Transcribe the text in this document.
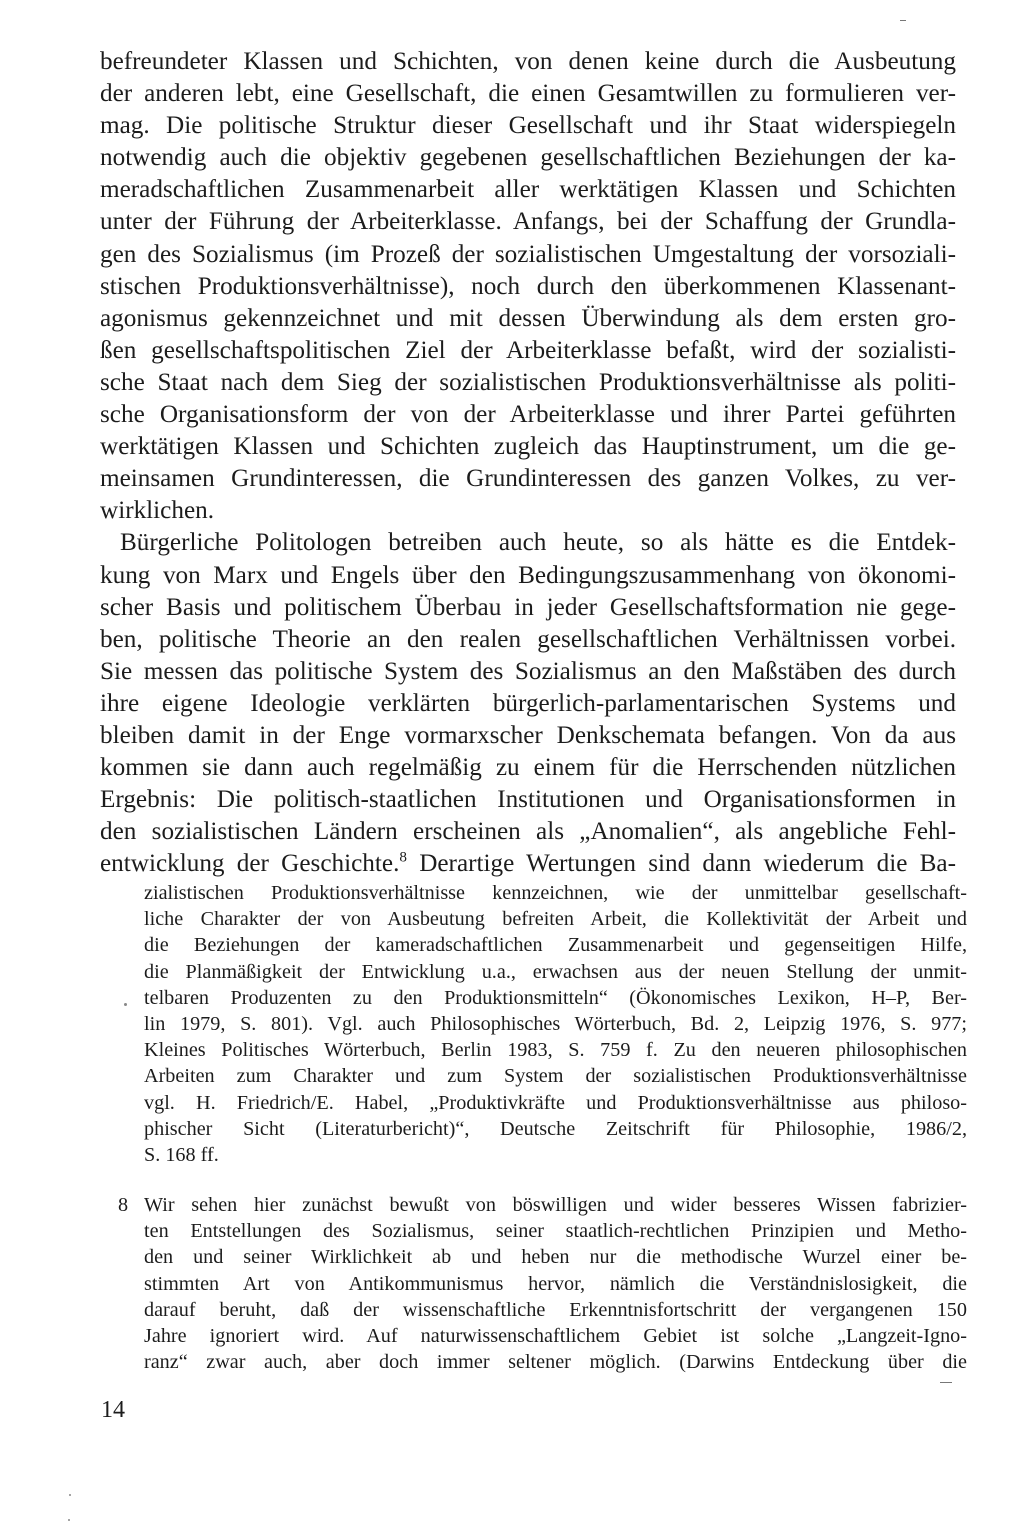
befreundeter Klassen und Schichten, von denen keine durch die Ausbeutung
der anderen lebt, eine Gesellschaft, die einen Gesamtwillen zu formulieren ver-
mag. Die politische Struktur dieser Gesellschaft und ihr Staat widerspiegeln
notwendig auch die objektiv gegebenen gesellschaftlichen Beziehungen der ka-
meradschaftlichen Zusammenarbeit aller werktätigen Klassen und Schichten
unter der Führung der Arbeiterklasse. Anfangs, bei der Schaffung der Grundla-
gen des Sozialismus (im Prozeß der sozialistischen Umgestaltung der vorsoziali-
stischen Produktionsverhältnisse), noch durch den überkommenen Klassenant-
agonismus gekennzeichnet und mit dessen Überwindung als dem ersten gro-
ßen gesellschaftspolitischen Ziel der Arbeiterklasse befaßt, wird der sozialisti-
sche Staat nach dem Sieg der sozialistischen Produktionsverhältnisse als politi-
sche Organisationsform der von der Arbeiterklasse und ihrer Partei geführten
werktätigen Klassen und Schichten zugleich das Hauptinstrument, um die ge-
meinsamen Grundinteressen, die Grundinteressen des ganzen Volkes, zu ver-
wirklichen.
Bürgerliche Politologen betreiben auch heute, so als hätte es die Entdek-
kung von Marx und Engels über den Bedingungszusammenhang von ökonomi-
scher Basis und politischem Überbau in jeder Gesellschaftsformation nie gege-
ben, politische Theorie an den realen gesellschaftlichen Verhältnissen vorbei.
Sie messen das politische System des Sozialismus an den Maßstäben des durch
ihre eigene Ideologie verklärten bürgerlich-parlamentarischen Systems und
bleiben damit in der Enge vormarxscher Denkschemata befangen. Von da aus
kommen sie dann auch regelmäßig zu einem für die Herrschenden nützlichen
Ergebnis: Die politisch-staatlichen Institutionen und Organisationsformen in
den sozialistischen Ländern erscheinen als „Anomalien“, als angebliche Fehl-
entwicklung der Geschichte.$^8$ Derartige Wertungen sind dann wiederum die Ba-
zialistischen Produktionsverhältnisse kennzeichnen, wie der unmittelbar gesellschaft-
liche Charakter der von Ausbeutung befreiten Arbeit, die Kollektivität der Arbeit und
die Beziehungen der kameradschaftlichen Zusammenarbeit und gegenseitigen Hilfe,
die Planmäßigkeit der Entwicklung u.a., erwachsen aus der neuen Stellung der unmit-
telbaren Produzenten zu den Produktionsmitteln“ (Ökonomisches Lexikon, H–P, Ber-
lin 1979, S. 801). Vgl. auch Philosophisches Wörterbuch, Bd. 2, Leipzig 1976, S. 977;
Kleines Politisches Wörterbuch, Berlin 1983, S. 759 f. Zu den neueren philosophischen
Arbeiten zum Charakter und zum System der sozialistischen Produktionsverhältnisse
vgl. H. Friedrich/E. Habel, „Produktivkräfte und Produktionsverhältnisse aus philoso-
phischer Sicht (Literaturbericht)“, Deutsche Zeitschrift für Philosophie, 1986/2,
S. 168 ff.
8 Wir sehen hier zunächst bewußt von böswilligen und wider besseres Wissen fabrizier-
ten Entstellungen des Sozialismus, seiner staatlich-rechtlichen Prinzipien und Metho-
den und seiner Wirklichkeit ab und heben nur die methodische Wurzel einer be-
stimmten Art von Antikommunismus hervor, nämlich die Verständnislosigkeit, die
darauf beruht, daß der wissenschaftliche Erkenntnisfortschritt der vergangenen 150
Jahre ignoriert wird. Auf naturwissenschaftlichem Gebiet ist solche „Langzeit-Igno-
ranz“ zwar auch, aber doch immer seltener möglich. (Darwins Entdeckung über die
14
